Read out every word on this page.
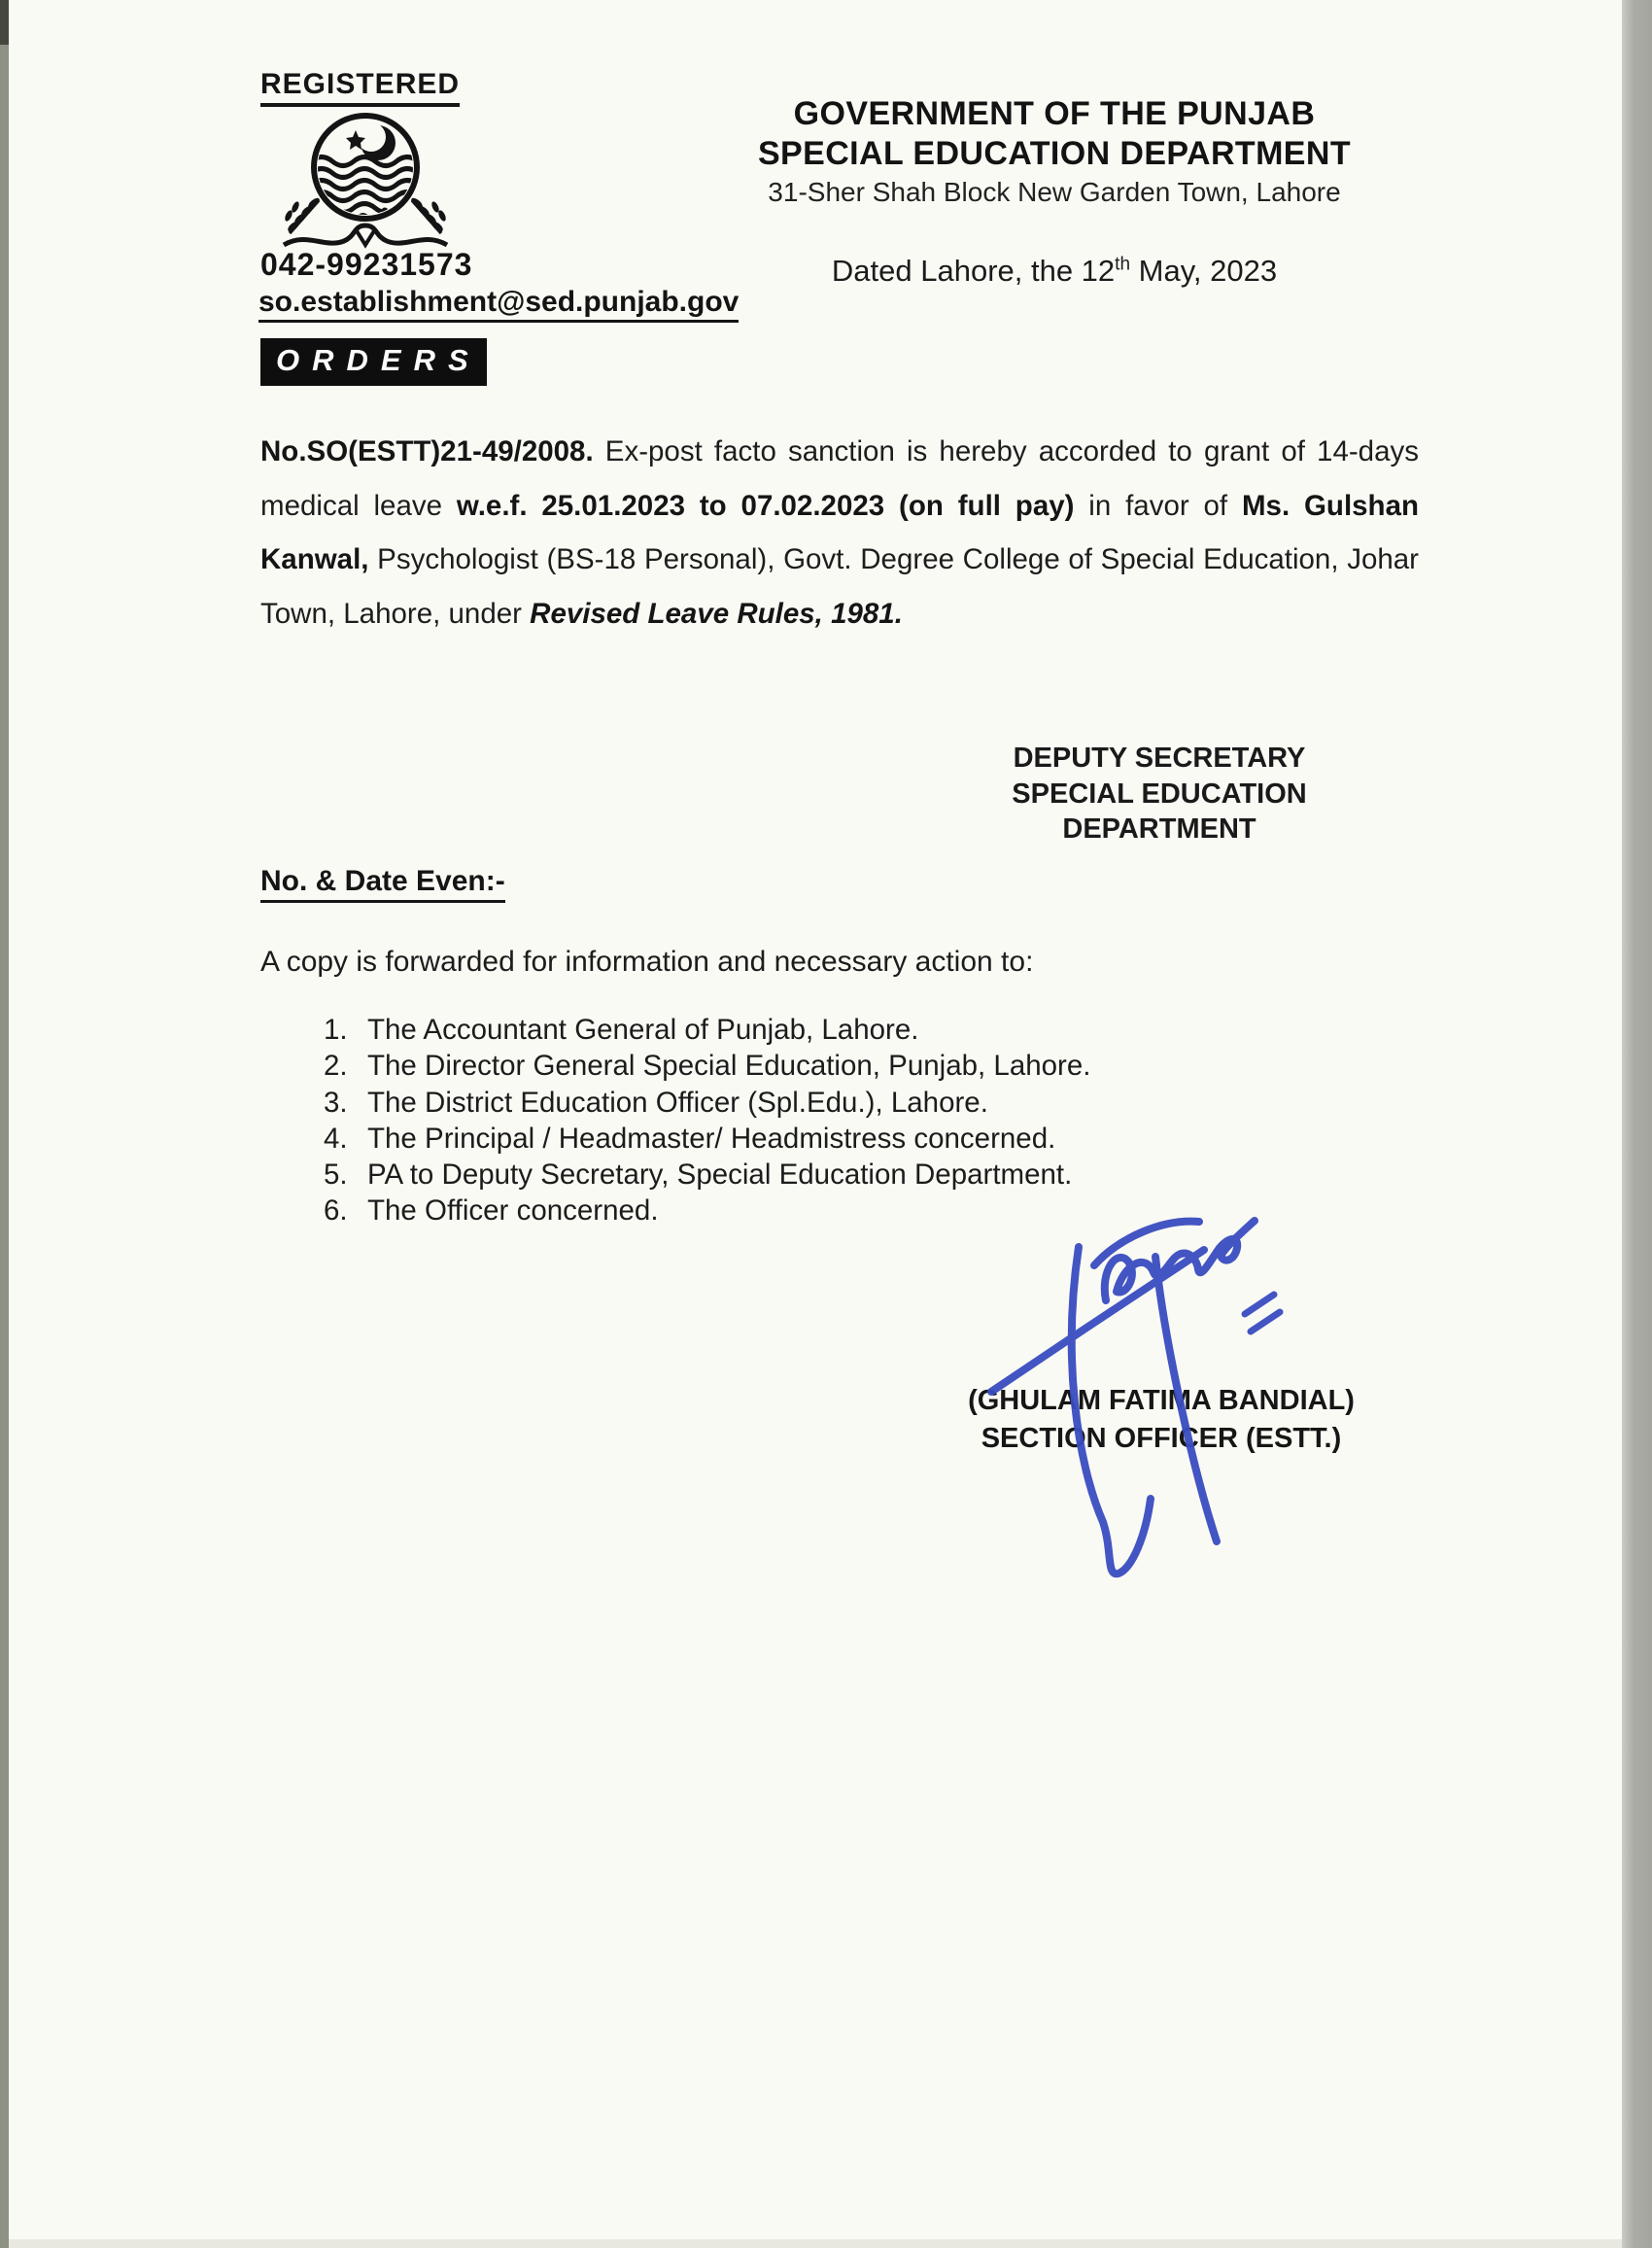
REGISTERED
042-99231573
so.establishment@sed.punjab.gov
GOVERNMENT OF THE PUNJAB
SPECIAL EDUCATION DEPARTMENT
31-Sher Shah Block New Garden Town, Lahore
Dated Lahore, the 12th May, 2023
ORDERS
No.SO(ESTT)21-49/2008. Ex-post facto sanction is hereby accorded to grant of 14-days medical leave w.e.f. 25.01.2023 to 07.02.2023 (on full pay) in favor of Ms. Gulshan Kanwal, Psychologist (BS-18 Personal), Govt. Degree College of Special Education, Johar Town, Lahore, under Revised Leave Rules, 1981.
DEPUTY SECRETARY
SPECIAL EDUCATION
DEPARTMENT
No. & Date Even:-
A copy is forwarded for information and necessary action to:
1. The Accountant General of Punjab, Lahore.
2. The Director General Special Education, Punjab, Lahore.
3. The District Education Officer (Spl.Edu.), Lahore.
4. The Principal / Headmaster/ Headmistress concerned.
5. PA to Deputy Secretary, Special Education Department.
6. The Officer concerned.
(GHULAM FATIMA BANDIAL)
SECTION OFFICER (ESTT.)
